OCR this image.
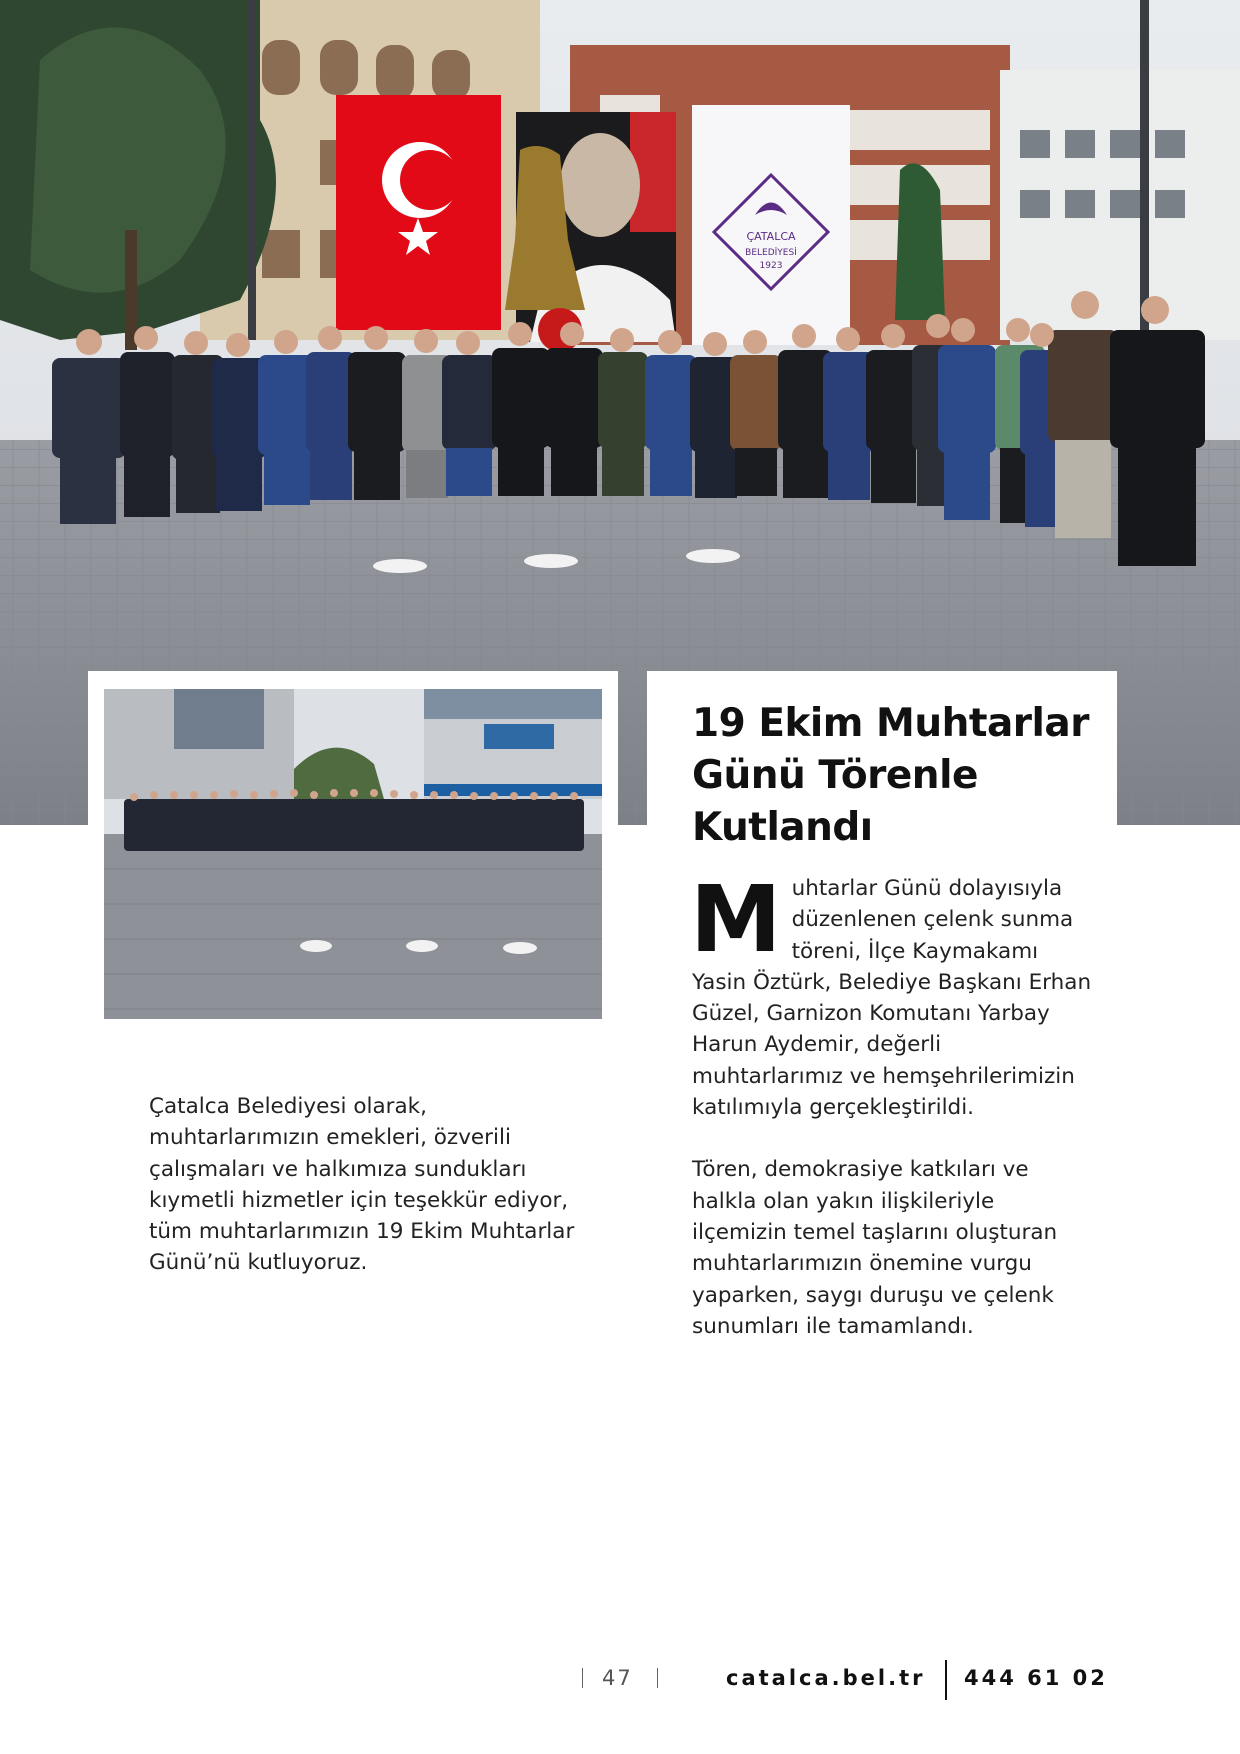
ÇATALCA
BELEDİYESİ
1923
19 Ekim Muhtarlar Günü Törenle Kutlandı

Muhtarlar Günü dolayısıyla düzenlenen çelenk sunma töreni, İlçe Kaymakamı Yasin Öztürk, Belediye Başkanı Erhan Güzel, Garnizon Komutanı Yarbay Harun Aydemir, değerli muhtarlarımız ve hemşehrilerimizin katılımıyla gerçekleştirildi.

Tören, demokrasiye katkıları ve halkla olan yakın ilişkileriyle ilçemizin temel taşlarını oluşturan muhtarlarımızın önemine vurgu yaparken, saygı duruşu ve çelenk sunumları ile tamamlandı.

Çatalca Belediyesi olarak, muhtarlarımızın emekleri, özverili çalışmaları ve halkımıza sundukları kıymetli hizmetler için teşekkür ediyor, tüm muhtarlarımızın 19 Ekim Muhtarlar Günü’nü kutluyoruz.

47	catalca.bel.tr 444 61 02
